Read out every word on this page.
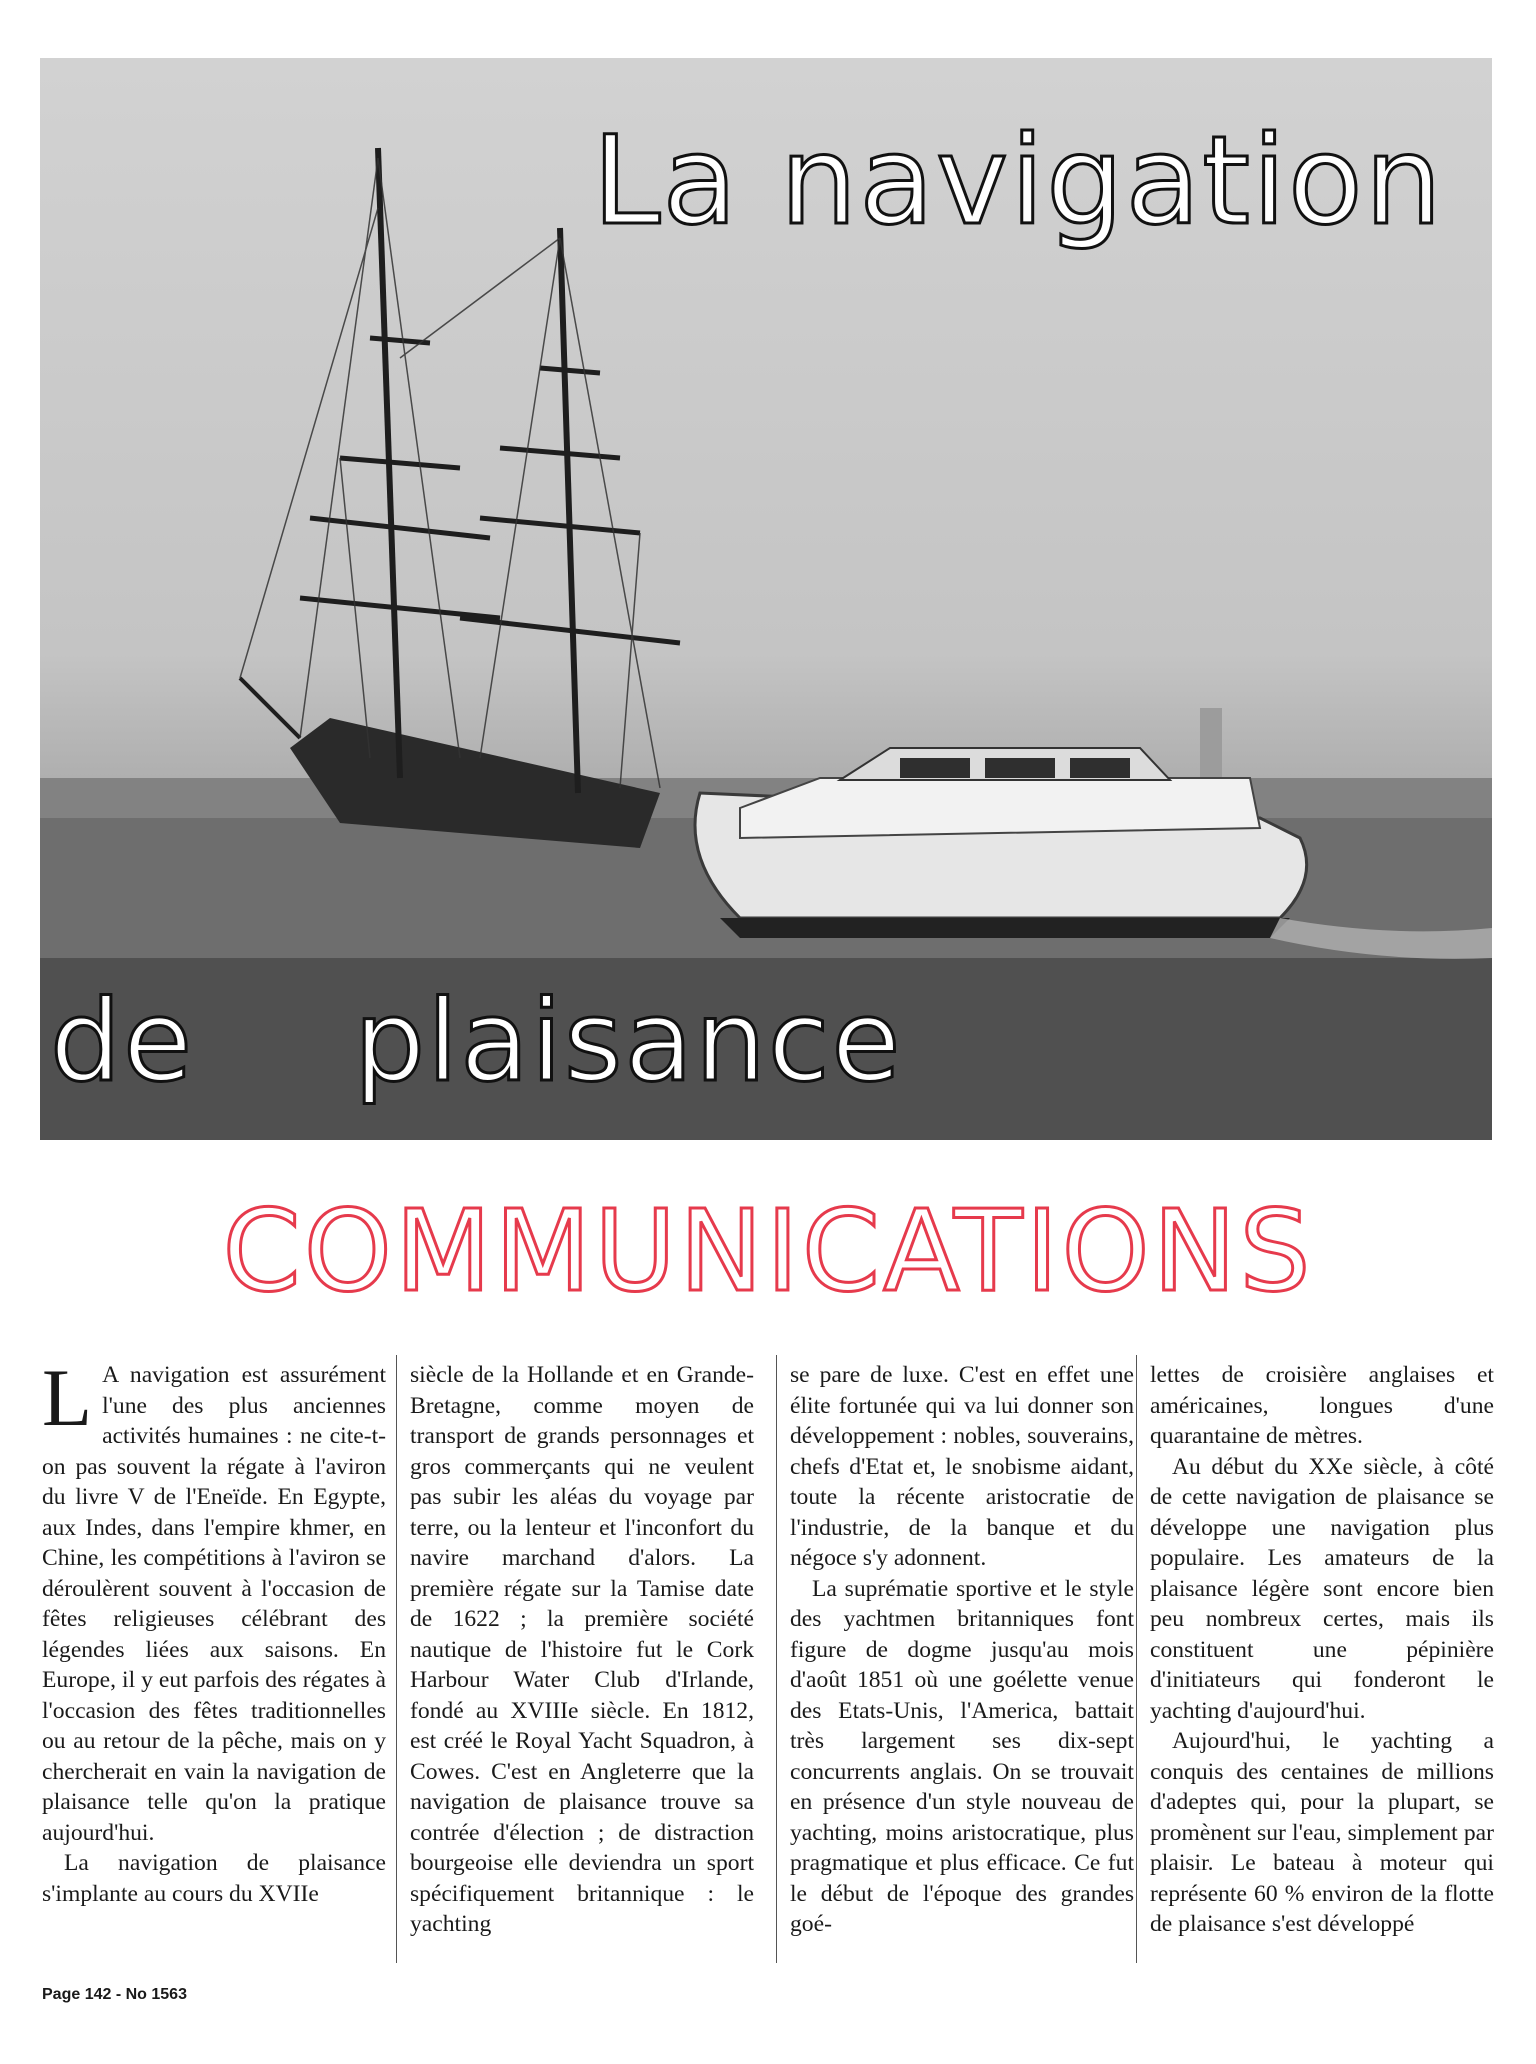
La navigation
de plaisance
COMMUNICATIONS

L A navigation est assurément l'une des plus anciennes activités humaines : ne cite-t-on pas souvent la régate à l'aviron du livre V de l'Eneïde. En Egypte, aux Indes, dans l'empire khmer, en Chine, les compétitions à l'aviron se déroulèrent souvent à l'occasion de fêtes religieuses célébrant des légendes liées aux saisons. En Europe, il y eut parfois des régates à l'occasion des fêtes traditionnelles ou au retour de la pêche, mais on y chercherait en vain la navigation de plaisance telle qu'on la pratique aujourd'hui.

La navigation de plaisance s'implante au cours du XVIIe

siècle de la Hollande et en Grande-Bretagne, comme moyen de transport de grands personnages et gros commerçants qui ne veulent pas subir les aléas du voyage par terre, ou la lenteur et l'inconfort du navire marchand d'alors. La première régate sur la Tamise date de 1622 ; la première société nautique de l'histoire fut le Cork Harbour Water Club d'Irlande, fondé au XVIIIe siècle. En 1812, est créé le Royal Yacht Squadron, à Cowes. C'est en Angleterre que la navigation de plaisance trouve sa contrée d'élection ; de distraction bourgeoise elle deviendra un sport spécifiquement britannique : le yachting

se pare de luxe. C'est en effet une élite fortunée qui va lui donner son développement : nobles, souverains, chefs d'Etat et, le snobisme aidant, toute la récente aristocratie de l'industrie, de la banque et du négoce s'y adonnent.

La suprématie sportive et le style des yachtmen britanniques font figure de dogme jusqu'au mois d'août 1851 où une goélette venue des Etats-Unis, l'America, battait très largement ses dix-sept concurrents anglais. On se trouvait en présence d'un style nouveau de yachting, moins aristocratique, plus pragmatique et plus efficace. Ce fut le début de l'époque des grandes goé-

lettes de croisière anglaises et américaines, longues d'une quarantaine de mètres.

Au début du XXe siècle, à côté de cette navigation de plaisance se développe une navigation plus populaire. Les amateurs de la plaisance légère sont encore bien peu nombreux certes, mais ils constituent une pépinière d'initiateurs qui fonderont le yachting d'aujourd'hui.

Aujourd'hui, le yachting a conquis des centaines de millions d'adeptes qui, pour la plupart, se promènent sur l'eau, simplement par plaisir. Le bateau à moteur qui représente 60 % environ de la flotte de plaisance s'est développé

Page 142 - No 1563
